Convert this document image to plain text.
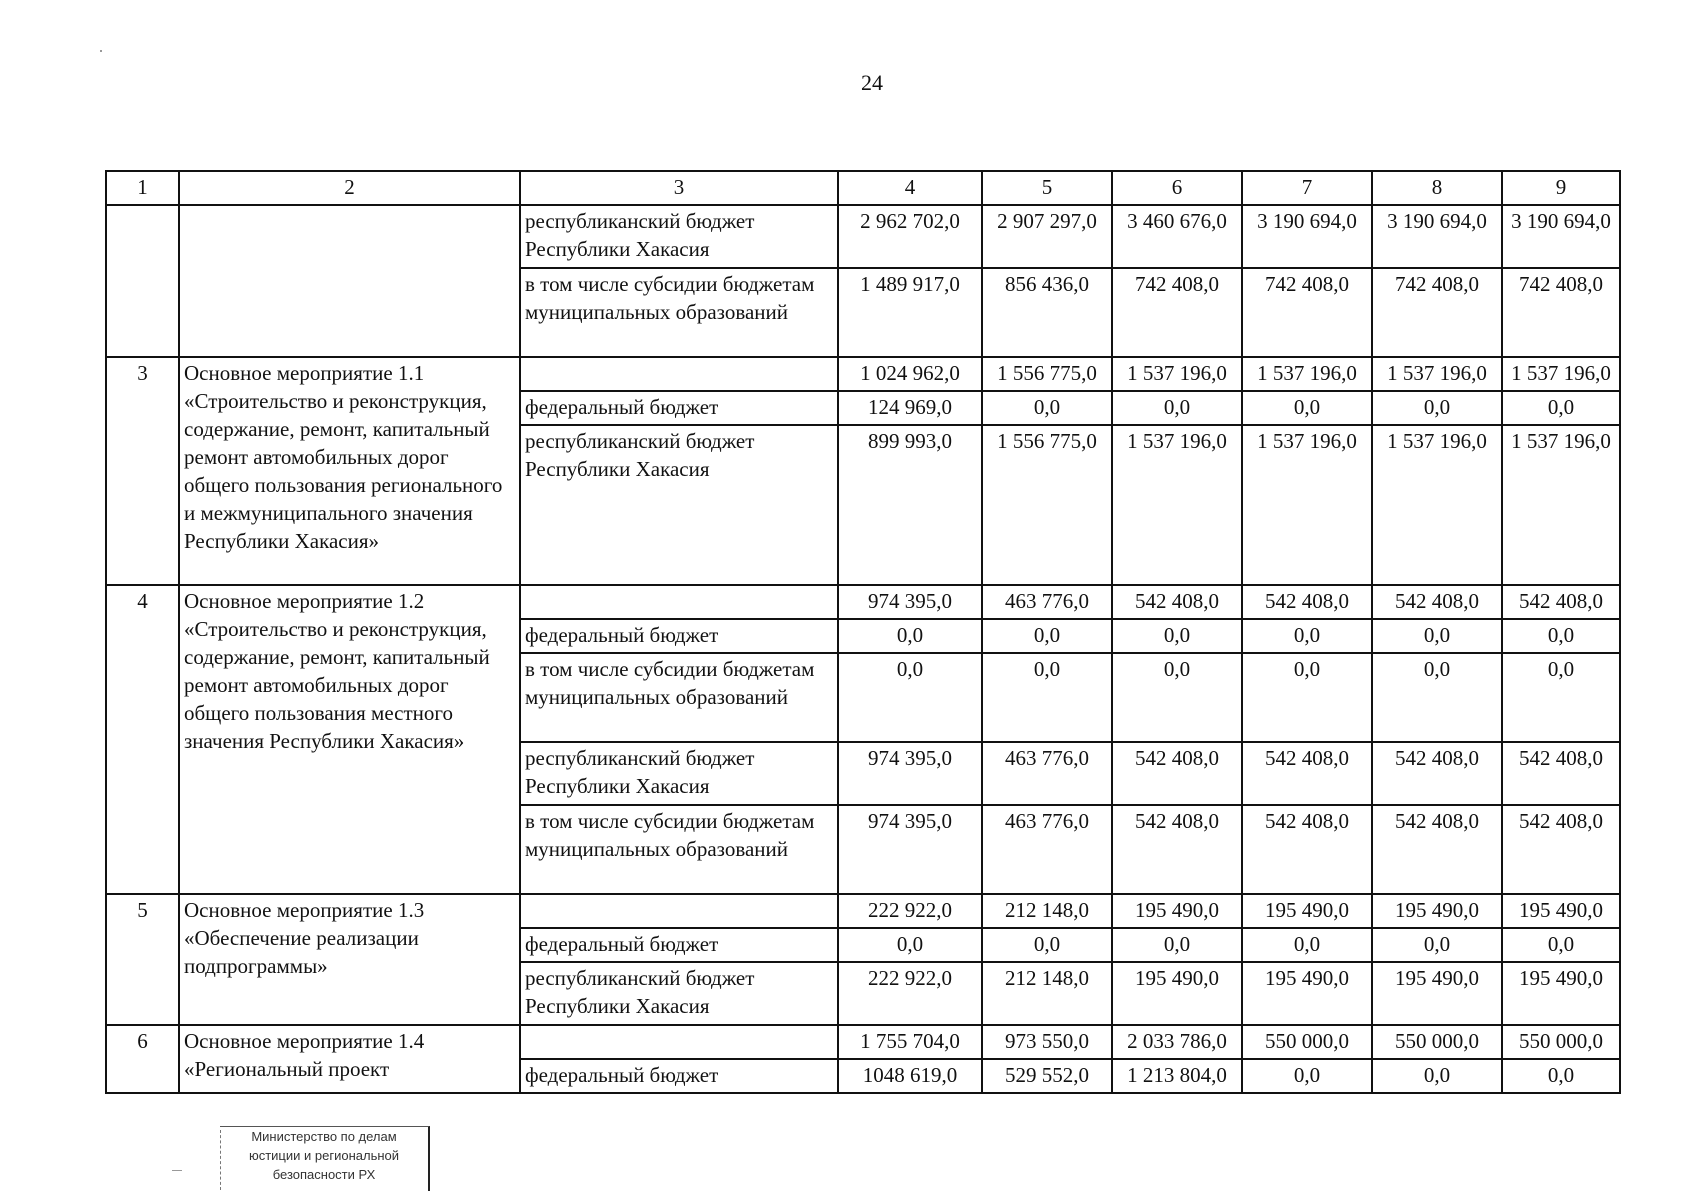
24
1	2	3	4	5	6	7	8	9
		республиканский бюджет Республики Хакасия	2 962 702,0	2 907 297,0	3 460 676,0	3 190 694,0	3 190 694,0	3 190 694,0
		в том числе субсидии бюджетам муниципальных образований	1 489 917,0	856 436,0	742 408,0	742 408,0	742 408,0	742 408,0
3	Основное мероприятие 1.1 «Строительство и реконструкция, содержание, ремонт, капитальный ремонт автомобильных дорог общего пользования регионального и межмуниципального значения Республики Хакасия»		1 024 962,0	1 556 775,0	1 537 196,0	1 537 196,0	1 537 196,0	1 537 196,0
		федеральный бюджет	124 969,0	0,0	0,0	0,0	0,0	0,0
		республиканский бюджет Республики Хакасия	899 993,0	1 556 775,0	1 537 196,0	1 537 196,0	1 537 196,0	1 537 196,0
4	Основное мероприятие 1.2 «Строительство и реконструкция, содержание, ремонт, капитальный ремонт автомобильных дорог общего пользования местного значения Республики Хакасия»		974 395,0	463 776,0	542 408,0	542 408,0	542 408,0	542 408,0
		федеральный бюджет	0,0	0,0	0,0	0,0	0,0	0,0
		в том числе субсидии бюджетам муниципальных образований	0,0	0,0	0,0	0,0	0,0	0,0
		республиканский бюджет Республики Хакасия	974 395,0	463 776,0	542 408,0	542 408,0	542 408,0	542 408,0
		в том числе субсидии бюджетам муниципальных образований	974 395,0	463 776,0	542 408,0	542 408,0	542 408,0	542 408,0
5	Основное мероприятие 1.3 «Обеспечение реализации подпрограммы»		222 922,0	212 148,0	195 490,0	195 490,0	195 490,0	195 490,0
		федеральный бюджет	0,0	0,0	0,0	0,0	0,0	0,0
		республиканский бюджет Республики Хакасия	222 922,0	212 148,0	195 490,0	195 490,0	195 490,0	195 490,0
6	Основное мероприятие 1.4 «Региональный проект		1 755 704,0	973 550,0	2 033 786,0	550 000,0	550 000,0	550 000,0
		федеральный бюджет	1048 619,0	529 552,0	1 213 804,0	0,0	0,0	0,0
Министерство по делам
юстиции и региональной
безопасности РХ
